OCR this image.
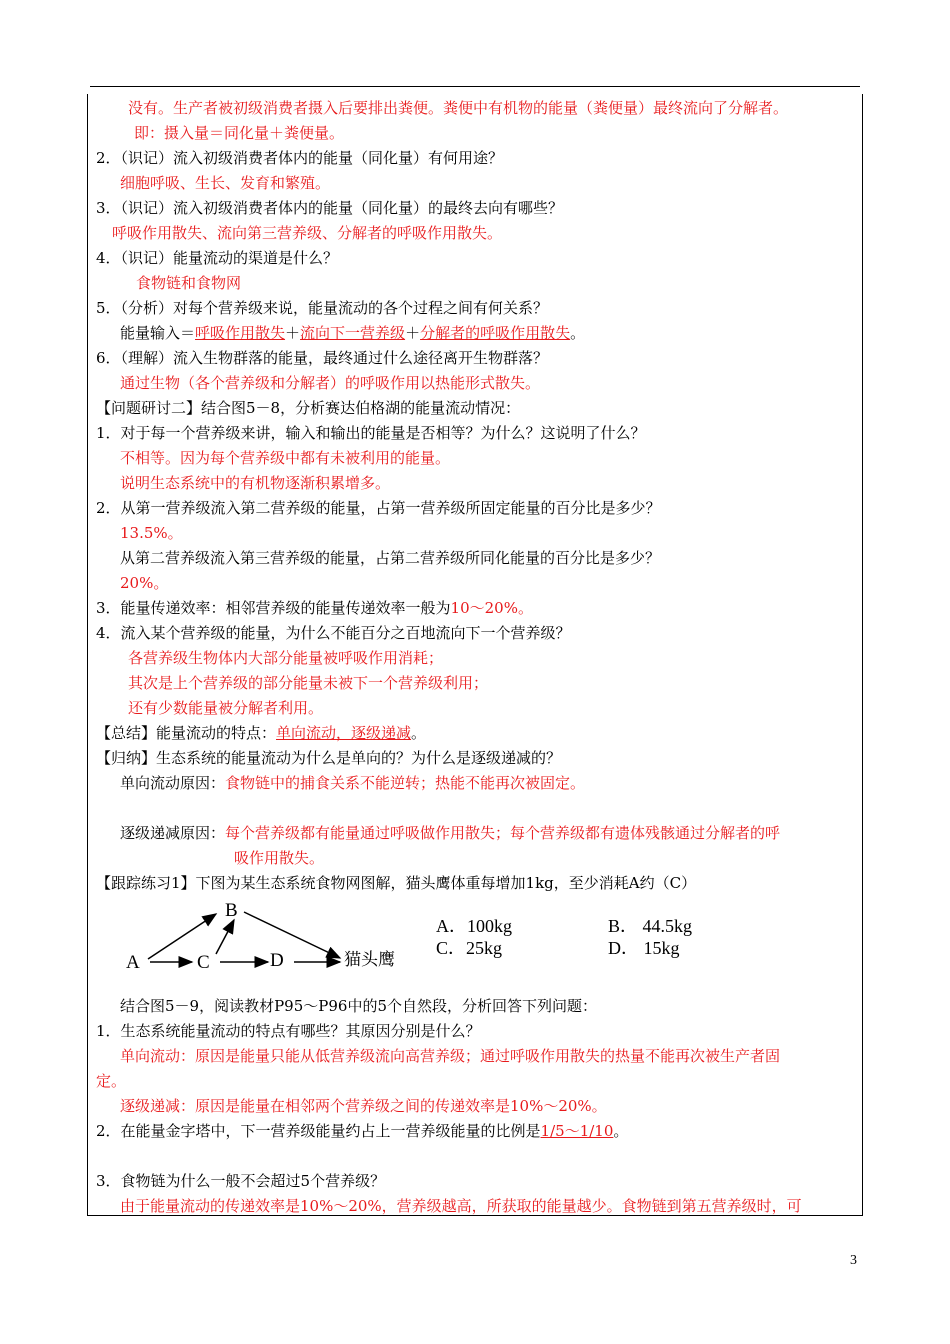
没有。生产者被初级消费者摄入后要排出粪便。粪便中有机物的能量（粪便量）最终流向了分解者。
即：摄入量＝同化量＋粪便量。
2．（识记）流入初级消费者体内的能量（同化量）有何用途？
细胞呼吸、生长、发育和繁殖。
3．（识记）流入初级消费者体内的能量（同化量）的最终去向有哪些？
呼吸作用散失、流向第三营养级、分解者的呼吸作用散失。
4．（识记）能量流动的渠道是什么？
食物链和食物网
5．（分析）对每个营养级来说，能量流动的各个过程之间有何关系？
能量输入＝呼吸作用散失＋流向下一营养级＋分解者的呼吸作用散失。
6．（理解）流入生物群落的能量，最终通过什么途径离开生物群落？
通过生物（各个营养级和分解者）的呼吸作用以热能形式散失。
【问题研讨二】结合图5－8，分析赛达伯格湖的能量流动情况：
1．对于每一个营养级来讲，输入和输出的能量是否相等？为什么？这说明了什么？
不相等。因为每个营养级中都有未被利用的能量。
说明生态系统中的有机物逐渐积累增多。
2．从第一营养级流入第二营养级的能量，占第一营养级所固定能量的百分比是多少？
13.5%。
从第二营养级流入第三营养级的能量，占第二营养级所同化能量的百分比是多少？
20%。
3．能量传递效率：相邻营养级的能量传递效率一般为10～20%。
4．流入某个营养级的能量，为什么不能百分之百地流向下一个营养级？
各营养级生物体内大部分能量被呼吸作用消耗；
其次是上个营养级的部分能量未被下一个营养级利用；
还有少数能量被分解者利用。
【总结】能量流动的特点：单向流动，逐级递减。
【归纳】生态系统的能量流动为什么是单向的？为什么是逐级递减的？
单向流动原因：食物链中的捕食关系不能逆转；热能不能再次被固定。
逐级递减原因：每个营养级都有能量通过呼吸做作用散失；每个营养级都有遗体残骸通过分解者的呼
吸作用散失。
【跟踪练习1】下图为某生态系统食物网图解，猫头鹰体重每增加1kg，至少消耗A约（C）
A
B
C	D	猫头鹰
A．100kg	B． 44.5kg
C．25kg	D． 15kg
结合图5－9，阅读教材P95～P96中的5个自然段，分析回答下列问题：
1．生态系统能量流动的特点有哪些？其原因分别是什么？
单向流动：原因是能量只能从低营养级流向高营养级；通过呼吸作用散失的热量不能再次被生产者固
定。
逐级递减：原因是能量在相邻两个营养级之间的传递效率是10%～20%。
2．在能量金字塔中，下一营养级能量约占上一营养级能量的比例是1/5～1/10。
3．食物链为什么一般不会超过5个营养级？
由于能量流动的传递效率是10%～20%，营养级越高，所获取的能量越少。食物链到第五营养级时，可
3
